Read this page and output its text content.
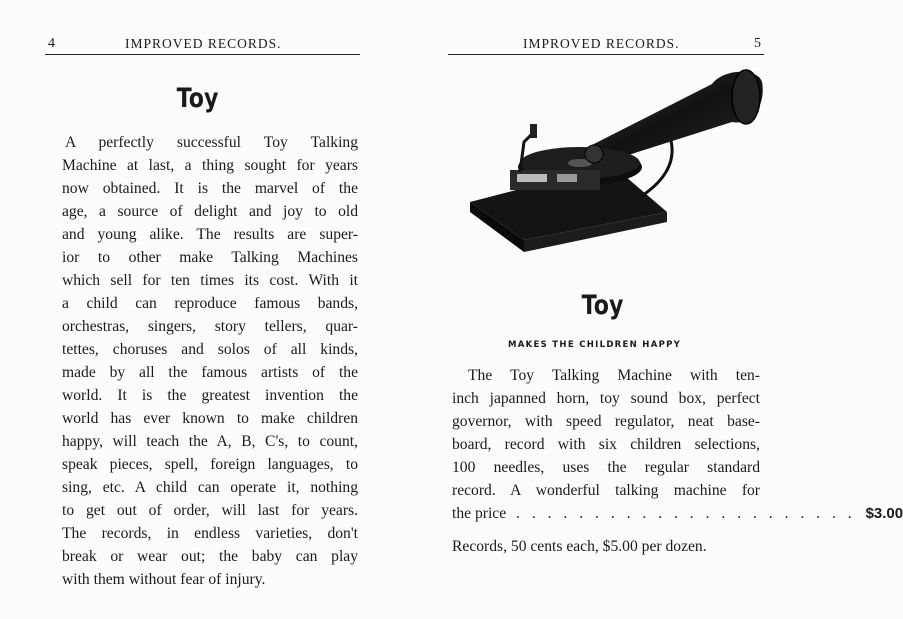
4	IMPROVED RECORDS.
Toy
A perfectly successful Toy Talking
Machine at last, a thing sought for years
now obtained. It is the marvel of the
age, a source of delight and joy to old
and young alike. The results are super-
ior to other make Talking Machines
which sell for ten times its cost. With it
a child can reproduce famous bands,
orchestras, singers, story tellers, quar-
tettes, choruses and solos of all kinds,
made by all the famous artists of the
world. It is the greatest invention the
world has ever known to make children
happy, will teach the A, B, C's, to count,
speak pieces, spell, foreign languages, to
sing, etc. A child can operate it, nothing
to get out of order, will last for years.
The records, in endless varieties, don't
break or wear out; the baby can play
with them without fear of injury.
IMPROVED RECORDS.	5
Toy
MAKES THE CHILDREN HAPPY
The Toy Talking Machine with ten-
inch japanned horn, toy sound box, perfect
governor, with speed regulator, neat base-
board, record with six children selections,
100 needles, uses the regular standard
record. A wonderful talking machine for
the price . . . . . . . . . . . . . . . . . . . . . . $3.00
Records, 50 cents each, $5.00 per dozen.
